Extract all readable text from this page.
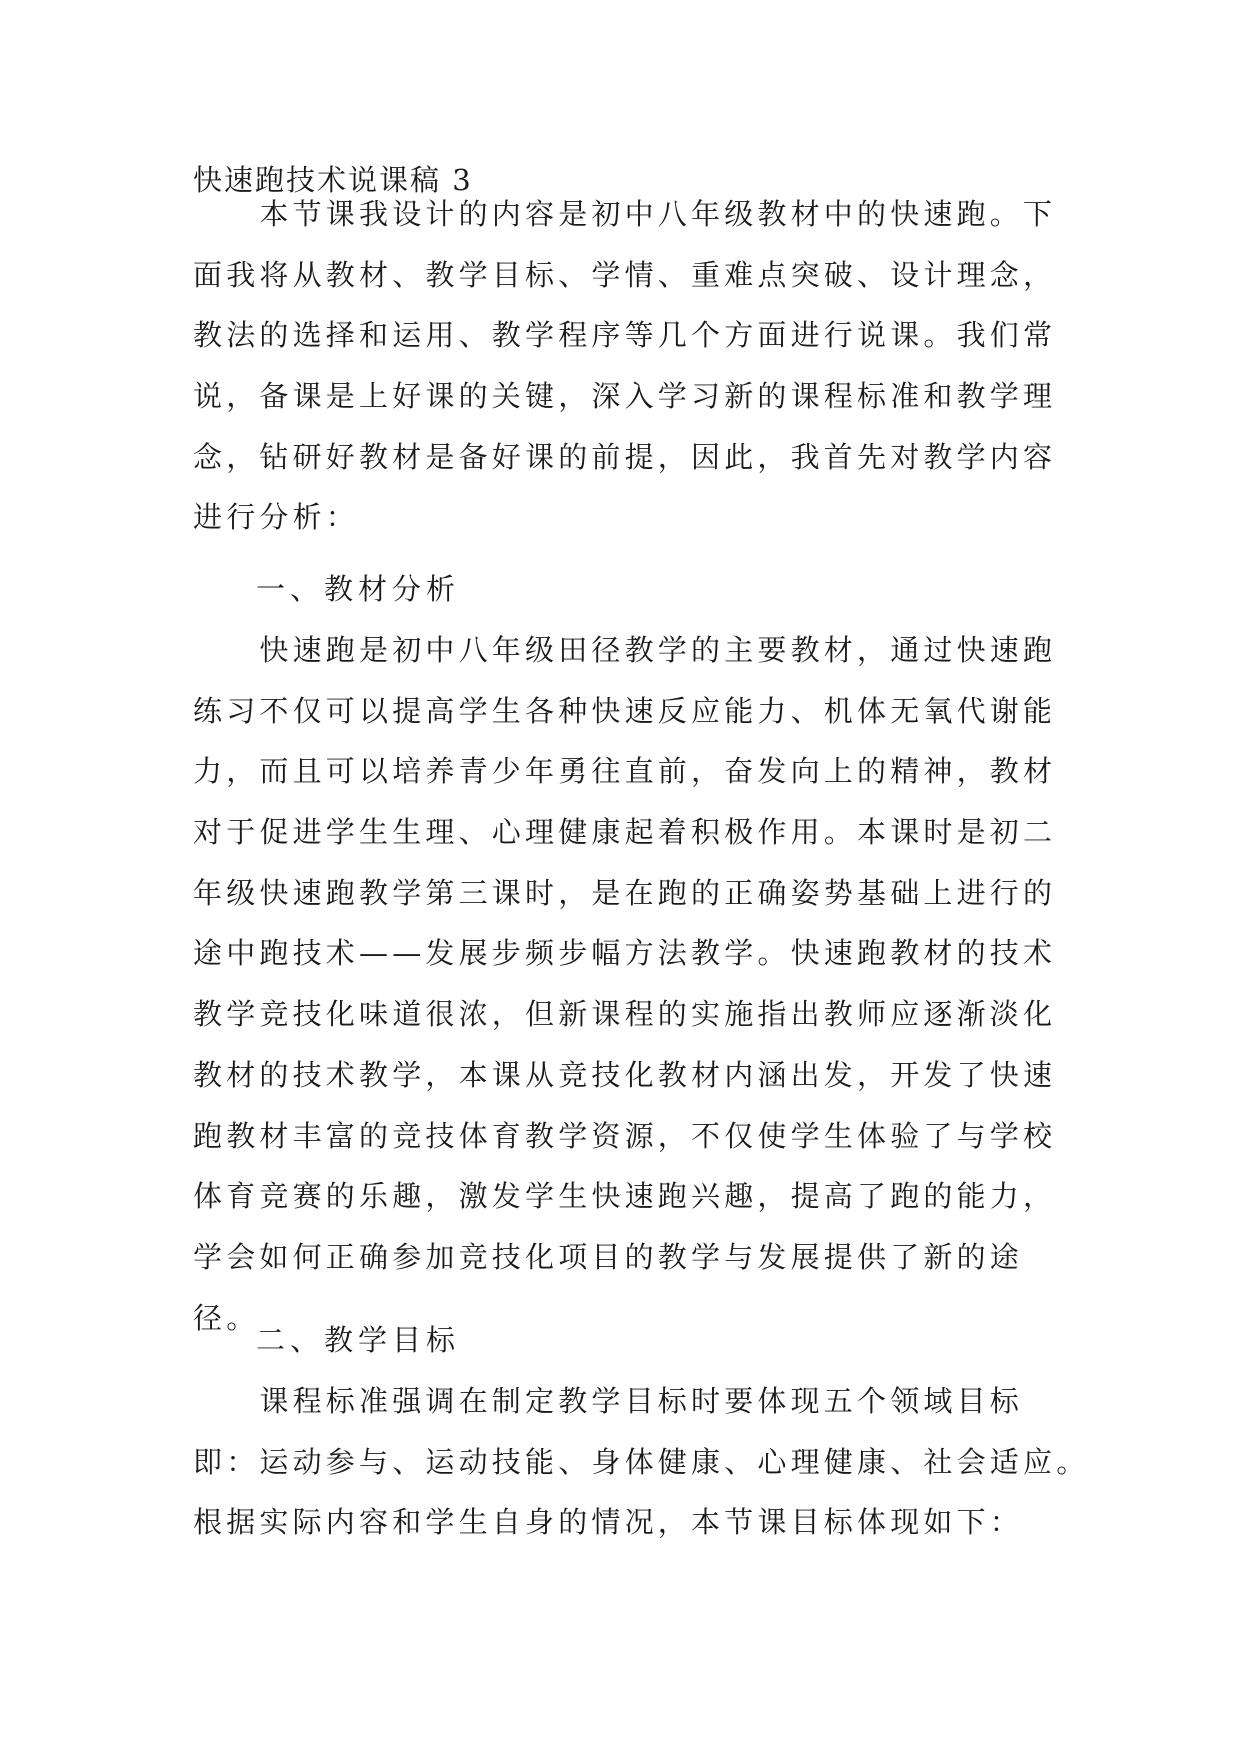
快速跑技术说课稿 3
　　本节课我设计的内容是初中八年级教材中的快速跑。下
面我将从教材、教学目标、学情、重难点突破、设计理念，
教法的选择和运用、教学程序等几个方面进行说课。我们常
说，备课是上好课的关键，深入学习新的课程标准和教学理
念，钻研好教材是备好课的前提，因此，我首先对教学内容
进行分析：
一、教材分析
　　快速跑是初中八年级田径教学的主要教材，通过快速跑
练习不仅可以提高学生各种快速反应能力、机体无氧代谢能
力，而且可以培养青少年勇往直前，奋发向上的精神，教材
对于促进学生生理、心理健康起着积极作用。本课时是初二
年级快速跑教学第三课时，是在跑的正确姿势基础上进行的
途中跑技术——发展步频步幅方法教学。快速跑教材的技术
教学竞技化味道很浓，但新课程的实施指出教师应逐渐淡化
教材的技术教学，本课从竞技化教材内涵出发，开发了快速
跑教材丰富的竞技体育教学资源，不仅使学生体验了与学校
体育竞赛的乐趣，激发学生快速跑兴趣，提高了跑的能力，
学会如何正确参加竞技化项目的教学与发展提供了新的途
径。
二、教学目标
　　课程标准强调在制定教学目标时要体现五个领域目标
即：运动参与、运动技能、身体健康、心理健康、社会适应。
根据实际内容和学生自身的情况，本节课目标体现如下：
